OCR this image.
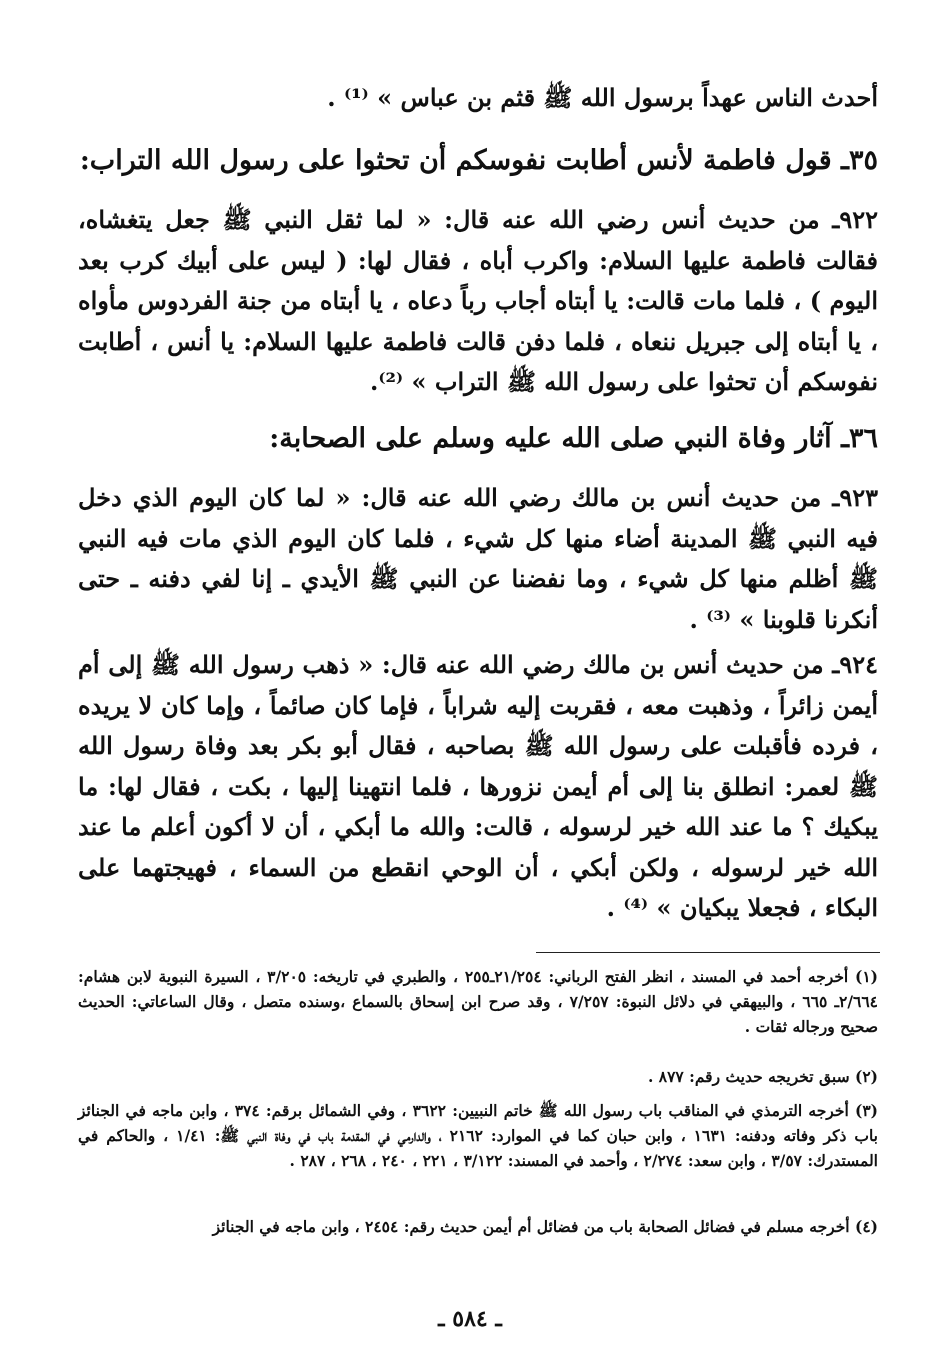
أحدث الناس عهداً برسول الله ﷺ قثم بن عباس » ⁽¹⁾ .

٣٥ـ قول فاطمة لأنس أطابت نفوسكم أن تحثوا على رسول الله التراب:

٩٢٢ـ من حديث أنس رضي الله عنه قال: « لما ثقل النبي ﷺ جعل يتغشاه، فقالت فاطمة عليها السلام: واكرب أباه ، فقال لها: ( ليس على أبيك كرب بعد اليوم ) ، فلما مات قالت: يا أبتاه أجاب رباً دعاه ، يا أبتاه من جنة الفردوس مأواه ، يا أبتاه إلى جبريل ننعاه ، فلما دفن قالت فاطمة عليها السلام: يا أنس ، أطابت نفوسكم أن تحثوا على رسول الله ﷺ التراب » ⁽²⁾.

٣٦ـ آثار وفاة النبي صلى الله عليه وسلم على الصحابة:

٩٢٣ـ من حديث أنس بن مالك رضي الله عنه قال: « لما كان اليوم الذي دخل فيه النبي ﷺ المدينة أضاء منها كل شيء ، فلما كان اليوم الذي مات فيه النبي ﷺ أظلم منها كل شيء ، وما نفضنا عن النبي ﷺ الأيدي ـ إنا لفي دفنه ـ حتى أنكرنا قلوبنا » ⁽³⁾ .

٩٢٤ـ من حديث أنس بن مالك رضي الله عنه قال: « ذهب رسول الله ﷺ إلى أم أيمن زائراً ، وذهبت معه ، فقربت إليه شراباً ، فإما كان صائماً ، وإما كان لا يريده ، فرده فأقبلت على رسول الله ﷺ بصاحبه ، فقال أبو بكر بعد وفاة رسول الله ﷺ لعمر: انطلق بنا إلى أم أيمن نزورها ، فلما انتهينا إليها ، بكت ، فقال لها: ما يبكيك ؟ ما عند الله خير لرسوله ، قالت: والله ما أبكي ، أن لا أكون أعلم ما عند الله خير لرسوله ، ولكن أبكي ، أن الوحي انقطع من السماء ، فهيجتهما على البكاء ، فجعلا يبكيان » ⁽⁴⁾ .

(١) أخرجه أحمد في المسند ، انظر الفتح الرباني: ٢١/٢٥٤ـ٢٥٥ ، والطبري في تاريخه: ٣/٢٠٥ ، السيرة النبوية لابن هشام: ٢/٦٦٤ـ ٦٦٥ ، والبيهقي في دلائل النبوة: ٧/٢٥٧ ، وقد صرح ابن إسحاق بالسماع ،وسنده متصل ، وقال الساعاتي: الحديث صحيح ورجاله ثقات .

(٢) سبق تخريجه حديث رقم: ٨٧٧ .

(٣) أخرجه الترمذي في المناقب باب رسول الله ﷺ خاتم النبيين: ٣٦٢٢ ، وفي الشمائل برقم: ٣٧٤ ، وابن ماجه في الجنائز باب ذكر وفاته ودفنه: ١٦٣١ ، وابن حبان كما في الموارد: ٢١٦٢ ، والدارمي في المقدمة باب في وفاة النبي ﷺ: ١/٤١ ، والحاكم في المستدرك: ٣/٥٧ ، وابن سعد: ٢/٢٧٤ ، وأحمد في المسند: ٣/١٢٢ ، ٢٢١ ، ٢٤٠ ، ٢٦٨ ، ٢٨٧ .

(٤) أخرجه مسلم في فضائل الصحابة باب من فضائل أم أيمن حديث رقم: ٢٤٥٤ ، وابن ماجه في الجنائز

ـ ٥٨٤ ـ
